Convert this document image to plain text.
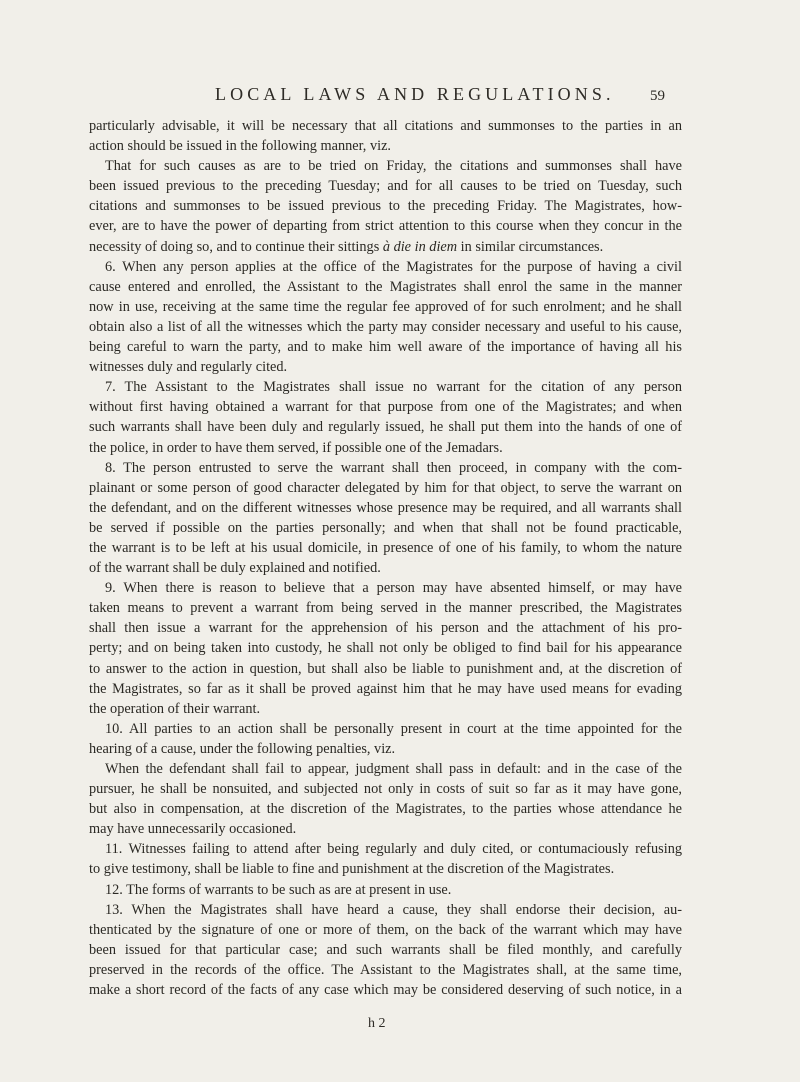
LOCAL LAWS AND REGULATIONS. 59
particularly advisable, it will be necessary that all citations and summonses to the parties in an
action should be issued in the following manner, viz.
That for such causes as are to be tried on Friday, the citations and summonses shall have
been issued previous to the preceding Tuesday; and for all causes to be tried on Tuesday, such
citations and summonses to be issued previous to the preceding Friday. The Magistrates, how-
ever, are to have the power of departing from strict attention to this course when they concur in the
necessity of doing so, and to continue their sittings à die in diem in similar circumstances.
6. When any person applies at the office of the Magistrates for the purpose of having a civil
cause entered and enrolled, the Assistant to the Magistrates shall enrol the same in the manner
now in use, receiving at the same time the regular fee approved of for such enrolment; and he shall
obtain also a list of all the witnesses which the party may consider necessary and useful to his cause,
being careful to warn the party, and to make him well aware of the importance of having all his
witnesses duly and regularly cited.
7. The Assistant to the Magistrates shall issue no warrant for the citation of any person
without first having obtained a warrant for that purpose from one of the Magistrates; and when
such warrants shall have been duly and regularly issued, he shall put them into the hands of one of
the police, in order to have them served, if possible one of the Jemadars.
8. The person entrusted to serve the warrant shall then proceed, in company with the com-
plainant or some person of good character delegated by him for that object, to serve the warrant on
the defendant, and on the different witnesses whose presence may be required, and all warrants shall
be served if possible on the parties personally; and when that shall not be found practicable,
the warrant is to be left at his usual domicile, in presence of one of his family, to whom the nature
of the warrant shall be duly explained and notified.
9. When there is reason to believe that a person may have absented himself, or may have
taken means to prevent a warrant from being served in the manner prescribed, the Magistrates
shall then issue a warrant for the apprehension of his person and the attachment of his pro-
perty; and on being taken into custody, he shall not only be obliged to find bail for his appearance
to answer to the action in question, but shall also be liable to punishment and, at the discretion of
the Magistrates, so far as it shall be proved against him that he may have used means for evading
the operation of their warrant.
10. All parties to an action shall be personally present in court at the time appointed for the
hearing of a cause, under the following penalties, viz.
When the defendant shall fail to appear, judgment shall pass in default: and in the case of the
pursuer, he shall be nonsuited, and subjected not only in costs of suit so far as it may have gone,
but also in compensation, at the discretion of the Magistrates, to the parties whose attendance he
may have unnecessarily occasioned.
11. Witnesses failing to attend after being regularly and duly cited, or contumaciously refusing
to give testimony, shall be liable to fine and punishment at the discretion of the Magistrates.
12. The forms of warrants to be such as are at present in use.
13. When the Magistrates shall have heard a cause, they shall endorse their decision, au-
thenticated by the signature of one or more of them, on the back of the warrant which may have
been issued for that particular case; and such warrants shall be filed monthly, and carefully
preserved in the records of the office. The Assistant to the Magistrates shall, at the same time,
make a short record of the facts of any case which may be considered deserving of such notice, in a
h 2
